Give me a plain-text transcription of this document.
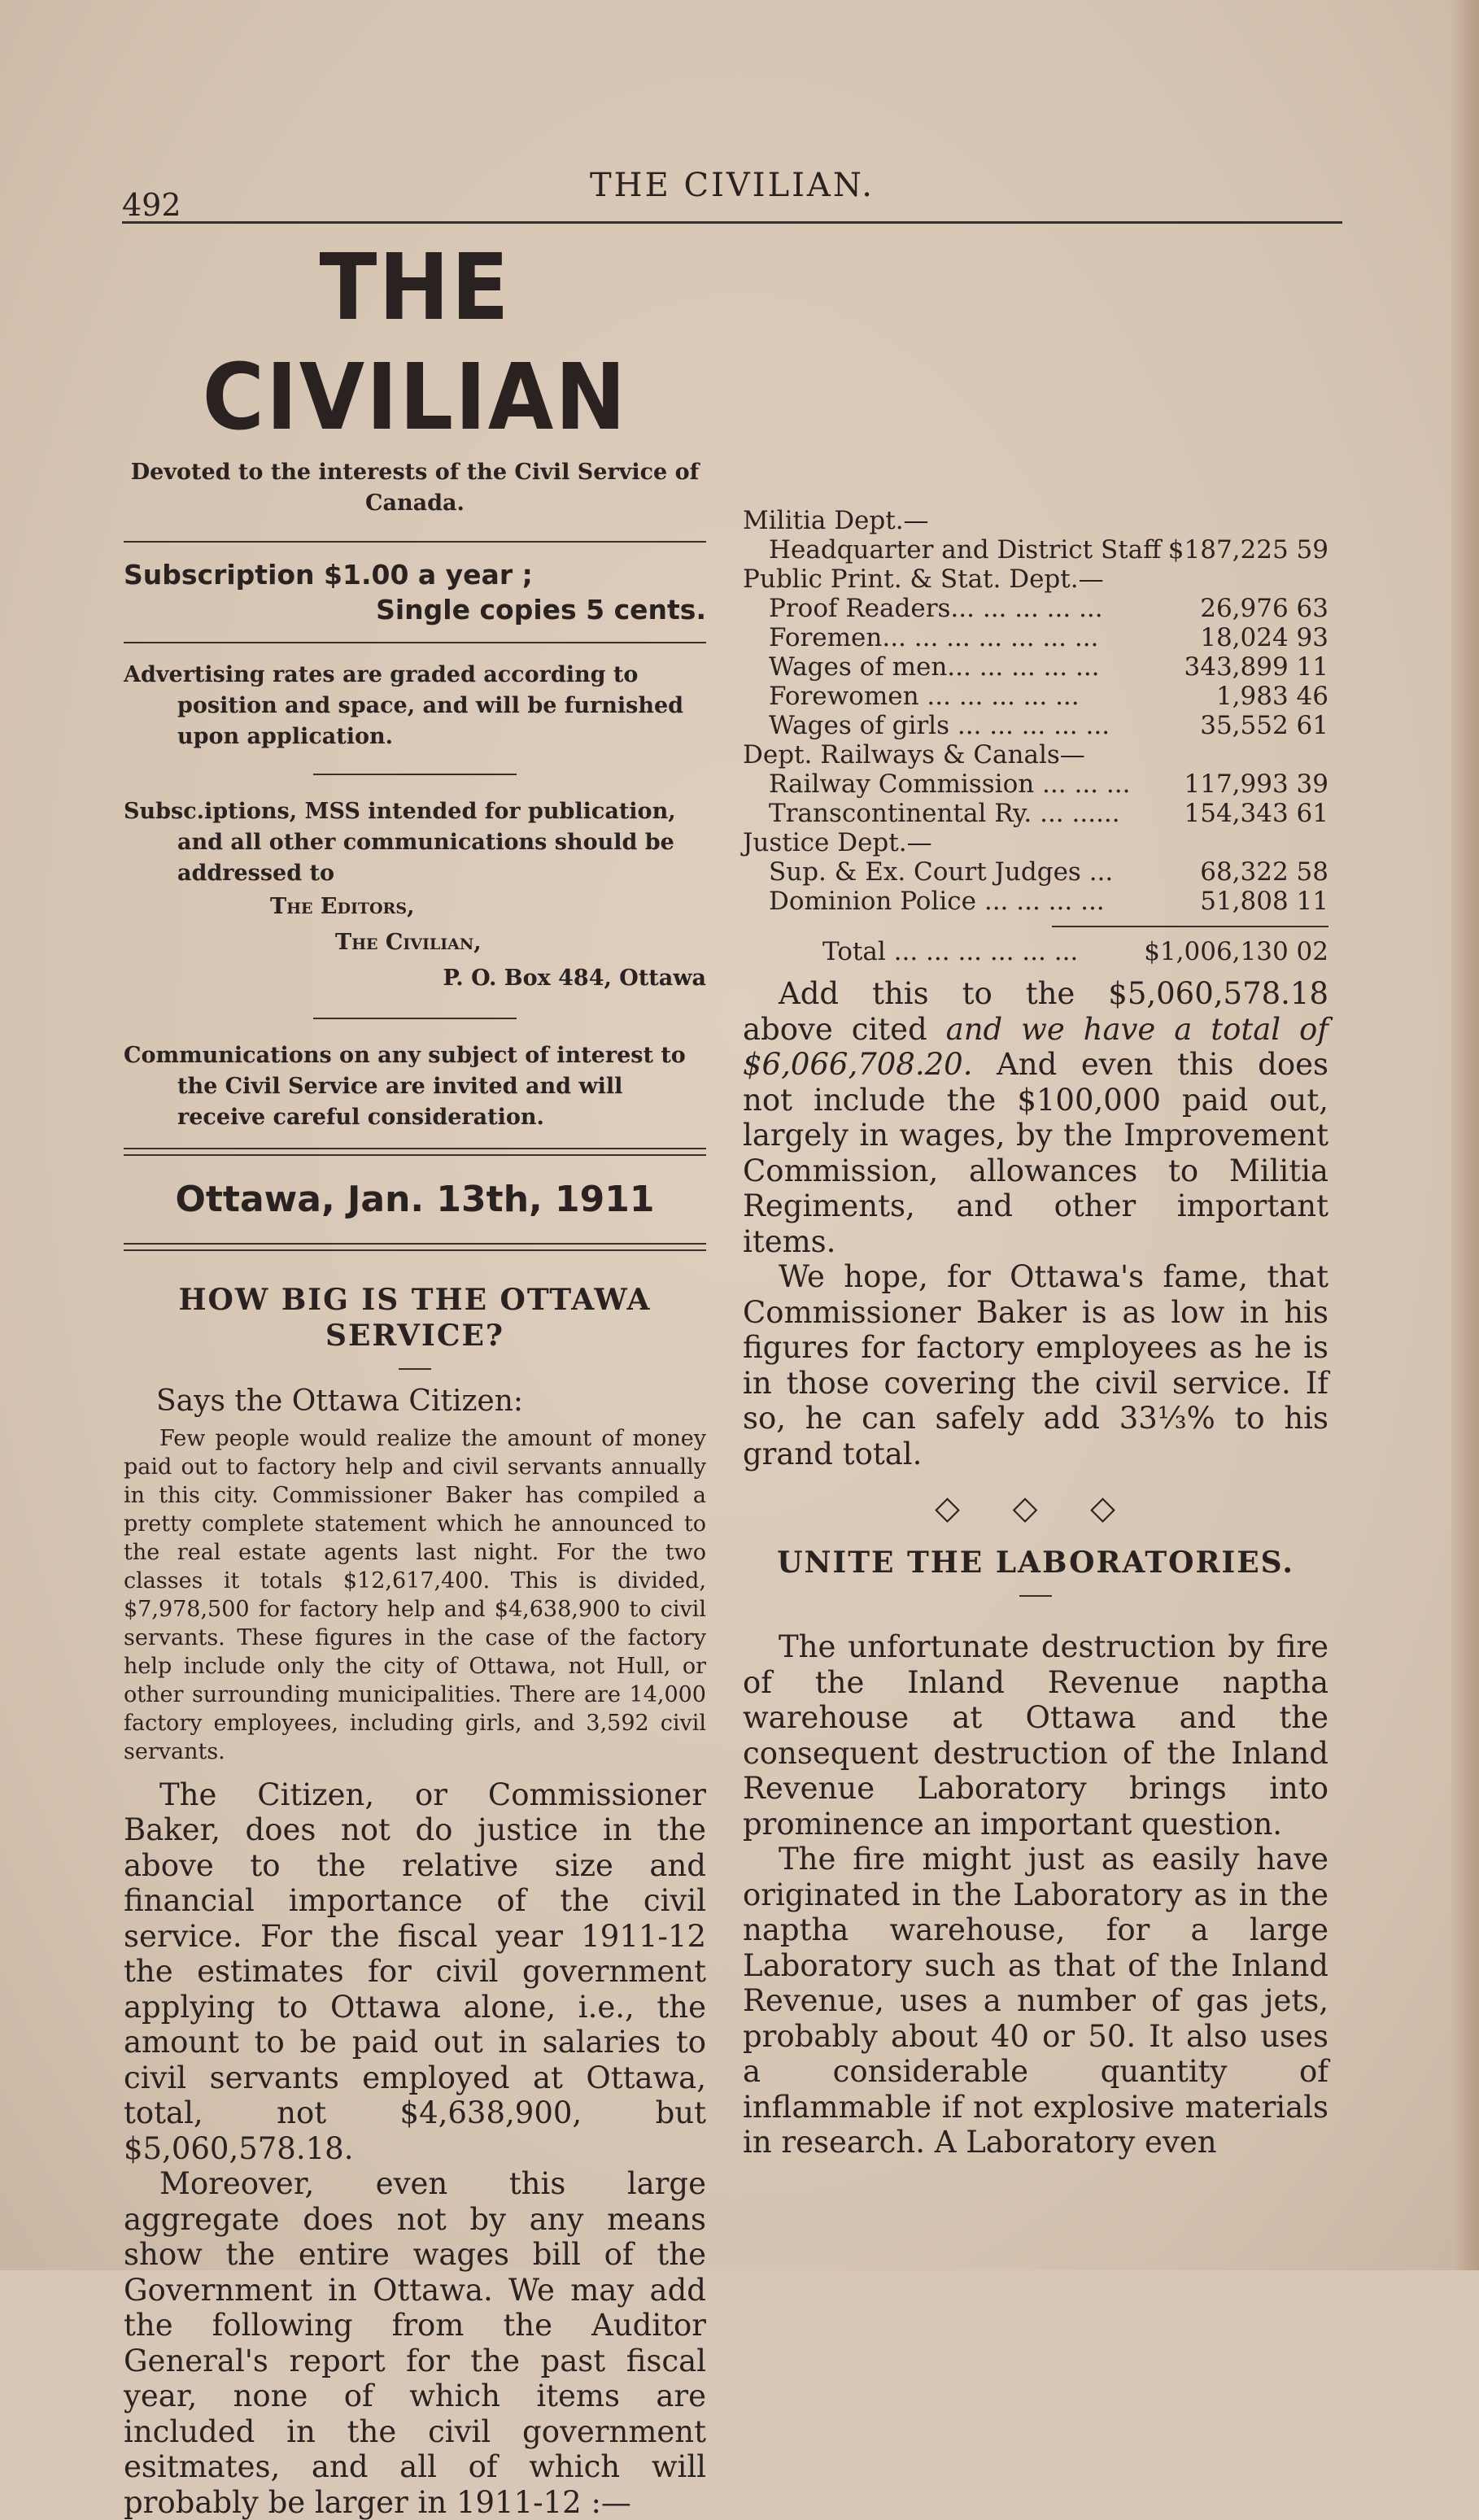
492
THE CIVILIAN.
THE CIVILIAN

Devoted to the interests of the Civil Service of Canada.

Subscription $1.00 a year ;

Single copies 5 cents.

Advertising rates are graded according to position and space, and will be furnished upon application.

Subsc.iptions, MSS intended for publication, and all other communications should be addressed to

The Editors,

The Civilian,

P. O. Box 484, Ottawa

Communications on any subject of interest to the Civil Service are invited and will receive careful consideration.

Ottawa, Jan. 13th, 1911
HOW BIG IS THE OTTAWA SERVICE?

Says the Ottawa Citizen:

Few people would realize the amount of money paid out to factory help and civil servants annually in this city. Commissioner Baker has compiled a pretty complete statement which he announced to the real estate agents last night. For the two classes it totals $12,617,400. This is divided, $7,978,500 for factory help and $4,638,900 to civil servants. These figures in the case of the factory help include only the city of Ottawa, not Hull, or other surrounding municipalities. There are 14,000 factory employees, including girls, and 3,592 civil servants.

The Citizen, or Commissioner Baker, does not do justice in the above to the relative size and financial importance of the civil service. For the fiscal year 1911-12 the estimates for civil government applying to Ottawa alone, i.e., the amount to be paid out in salaries to civil servants employed at Ottawa, total, not $4,638,900, but $5,060,578.18.

Moreover, even this large aggregate does not by any means show the entire wages bill of the Government in Ottawa. We may add the following from the Auditor General's report for the past fiscal year, none of which items are included in the civil government esitmates, and all of which will probably be larger in 1911-12 :—

Militia Dept.—

Headquarter and District Staff $187,225 59

Public Print. & Stat. Dept.—

Proof Readers... ... ... ... ...	26,976 63
Foremen... ... ... ... ... ... ...	18,024 93
Wages of men... ... ... ... ...	343,899 11
Forewomen ... ... ... ... ...	1,983 46
Wages of girls ... ... ... ... ...	35,552 61

Dept. Railways & Canals—

Railway Commission ... ... ... 117,993 39
Transcontinental Ry. ... ......	154,343 61

Justice Dept.—

Sup. & Ex. Court Judges ...	68,322 58
Dominion Police ... ... ... ...	51,808 11
Total ... ... ... ... ... ...	$1,006,130 02

Add this to the $5,060,578.18 above cited and we have a total of $6,066,708.20. And even this does not include the $100,000 paid out, largely in wages, by the Improvement Commission, allowances to Militia Regiments, and other important items.

We hope, for Ottawa's fame, that Commissioner Baker is as low in his figures for factory employees as he is in those covering the civil service. If so, he can safely add 33⅓% to his grand total.

◇ ◇ ◇
UNITE THE LABORATORIES.

The unfortunate destruction by fire of the Inland Revenue naptha warehouse at Ottawa and the consequent destruction of the Inland Revenue Laboratory brings into prominence an important question.

The fire might just as easily have originated in the Laboratory as in the naptha warehouse, for a large Laboratory such as that of the Inland Revenue, uses a number of gas jets, probably about 40 or 50. It also uses a considerable quantity of inflammable if not explosive materials in research. A Laboratory even
